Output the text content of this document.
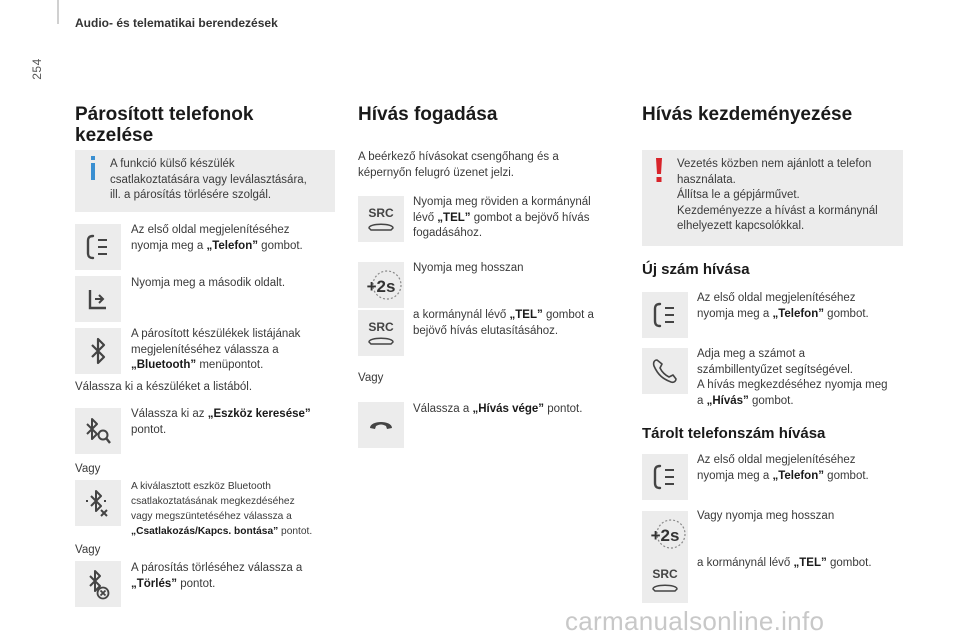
254
Audio- és telematikai berendezések
Párosított telefonok
kezelése
A funkció külső készülék
csatlakoztatására vagy leválasztására,
ill. a párosítás törlésére szolgál.
Az első oldal megjelenítéséhez
nyomja meg a „Telefon” gombot.
Nyomja meg a második oldalt.
A párosított készülékek listájának
megjelenítéséhez válassza a
„Bluetooth” menüpontot.
Válassza ki a készüléket a listából.
Válassza ki az „Eszköz keresése”
pontot.
Vagy
A kiválasztott eszköz Bluetooth
csatlakoztatásának megkezdéséhez
vagy megszüntetéséhez válassza a
„Csatlakozás/Kapcs. bontása” pontot.
Vagy
A párosítás törléséhez válassza a
„Törlés” pontot.
Hívás fogadása
A beérkező hívásokat csengőhang és a
képernyőn felugró üzenet jelzi.
SRC
Nyomja meg röviden a kormánynál
lévő „TEL” gombot a bejövő hívás
fogadásához.
+2s
Nyomja meg hosszan
SRC
a kormánynál lévő „TEL” gombot a
bejövő hívás elutasításához.
Vagy
Válassza a „Hívás vége” pontot.
Hívás kezdeményezése
Vezetés közben nem ajánlott a telefon
használata.
Állítsa le a gépjárművet.
Kezdeményezze a hívást a kormánynál
elhelyezett kapcsolókkal.
Új szám hívása
Az első oldal megjelenítéséhez
nyomja meg a „Telefon” gombot.
Adja meg a számot a
számbillentyűzet segítségével.
A hívás megkezdéséhez nyomja meg
a „Hívás” gombot.
Tárolt telefonszám hívása
Az első oldal megjelenítéséhez
nyomja meg a „Telefon” gombot.
+2s
Vagy nyomja meg hosszan
SRC
a kormánynál lévő „TEL” gombot.
carmanualsonline.info
